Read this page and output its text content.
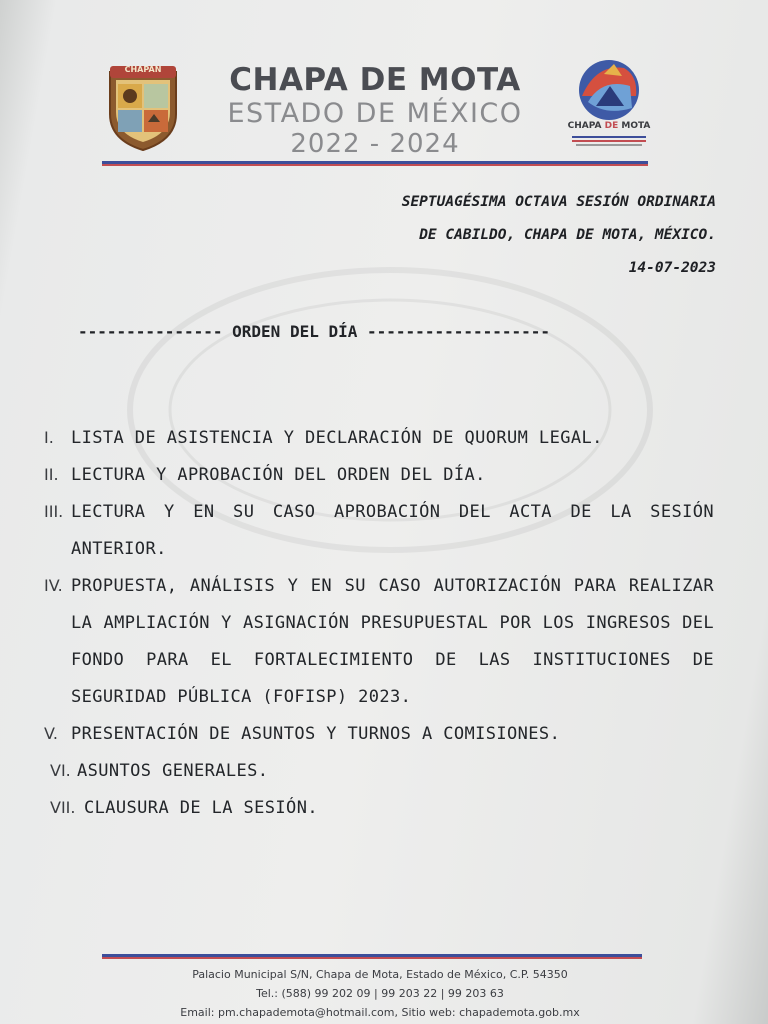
CHAPAN	CHAPA DE MOTA
ESTADO DE MÉXICO
2022 - 2024
CHAPA DE MOTA
SEPTUAGÉSIMA OCTAVA SESIÓN ORDINARIA
DE CABILDO, CHAPA DE MOTA, MÉXICO.
14-07-2023
--------------- ORDEN DEL DÍA -------------------
I.	LISTA DE ASISTENCIA Y DECLARACIÓN DE QUORUM LEGAL.
II. LECTURA Y APROBACIÓN DEL ORDEN DEL DÍA.
III. LECTURA Y EN SU CASO APROBACIÓN DEL ACTA DE LA SESIÓN ANTERIOR.
IV. PROPUESTA, ANÁLISIS Y EN SU CASO AUTORIZACIÓN PARA REALIZAR LA AMPLIACIÓN Y ASIGNACIÓN PRESUPUESTAL POR LOS INGRESOS DEL FONDO PARA EL FORTALECIMIENTO DE LAS INSTITUCIONES DE SEGURIDAD PÚBLICA (FOFISP) 2023.
V. PRESENTACIÓN DE ASUNTOS Y TURNOS A COMISIONES.
VI. ASUNTOS GENERALES.
VII. CLAUSURA DE LA SESIÓN.
Palacio Municipal S/N, Chapa de Mota, Estado de México, C.P. 54350
Tel.: (588) 99 202 09 | 99 203 22 | 99 203 63
Email: pm.chapademota@hotmail.com, Sitio web: chapademota.gob.mx
